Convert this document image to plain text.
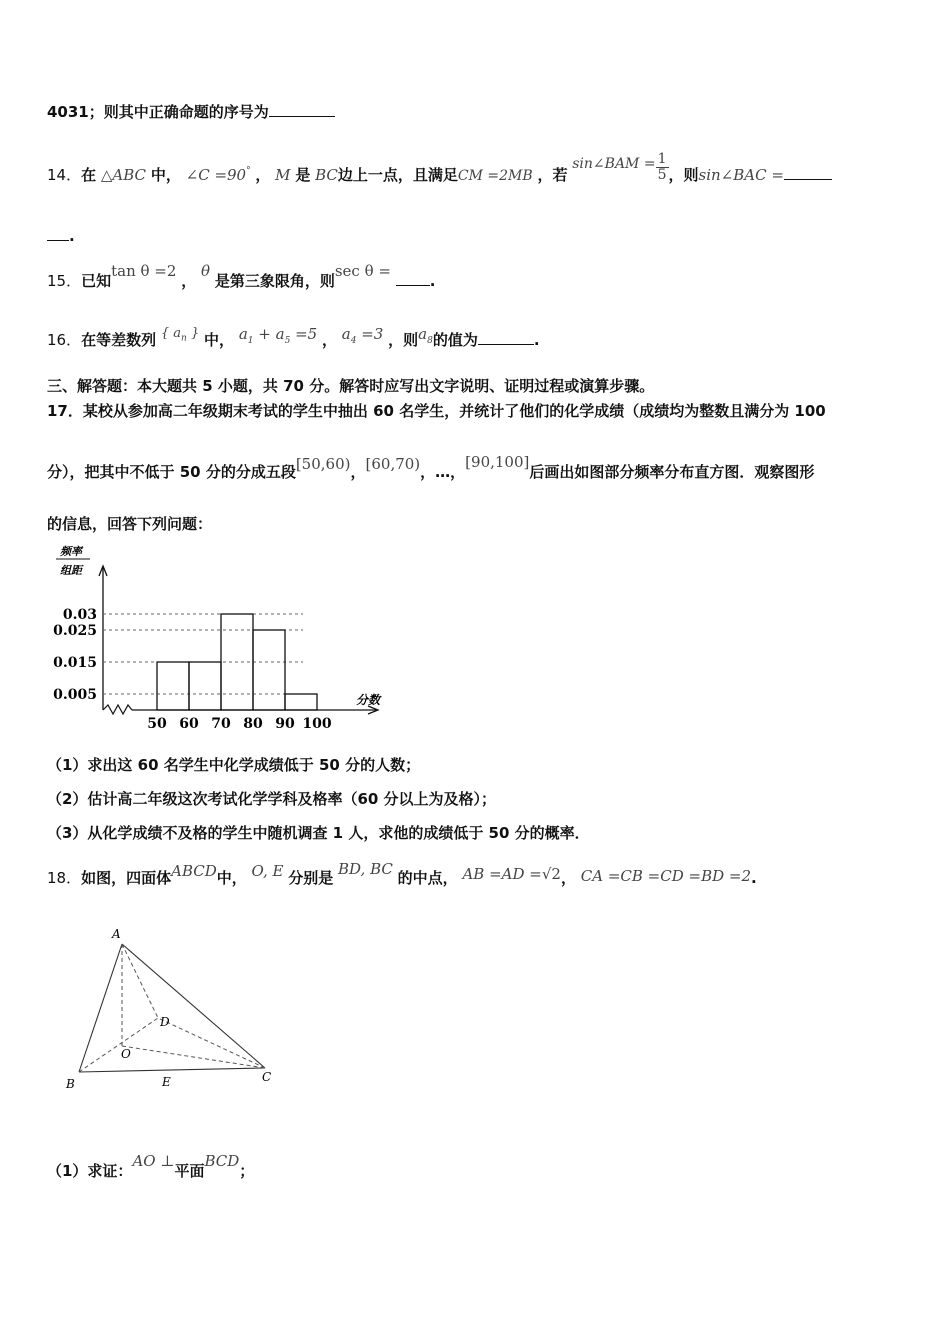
4031；则其中正确命题的序号为
14．在 △ABC 中， ∠C =90° ， M 是 BC边上一点，且满足CM =2MB ，若 sin∠BAM = $\frac{1}{5}$ ，则sin∠BAC =
.
15．已知tan θ =2 ， θ 是第三象限角，则sec θ = .
16．在等差数列 { $a_n$ } 中， $a_1 + a_5 =5$ ， $a_4 =3$ ，则$a_8$的值为	.
三、解答题：本大题共 5 小题，共 70 分。解答时应写出文字说明、证明过程或演算步骤。
17．某校从参加高二年级期末考试的学生中抽出 60 名学生，并统计了他们的化学成绩（成绩均为整数且满分为 100
分），把其中不低于 50 分的分成五段[50,60)，[60,70)，…，[90,100]后画出如图部分频率分布直方图．观察图形
的信息，回答下列问题：
频率
组距
0.005
0.015
0.025
0.03
50 60 70 80 90 100
分数
（1）求出这 60 名学生中化学成绩低于 50 分的人数；
（2）估计高二年级这次考试化学学科及格率（60 分以上为及格）；
（3）从化学成绩不及格的学生中随机调查 1 人，求他的成绩低于 50 分的概率．
18．如图，四面体ABCD中， O, E 分别是 BD, BC 的中点， AB =AD =√2， CA =CB =CD =BD =2.
A
B	C
D
O
E
（1）求证：AO ⊥平面BCD；
